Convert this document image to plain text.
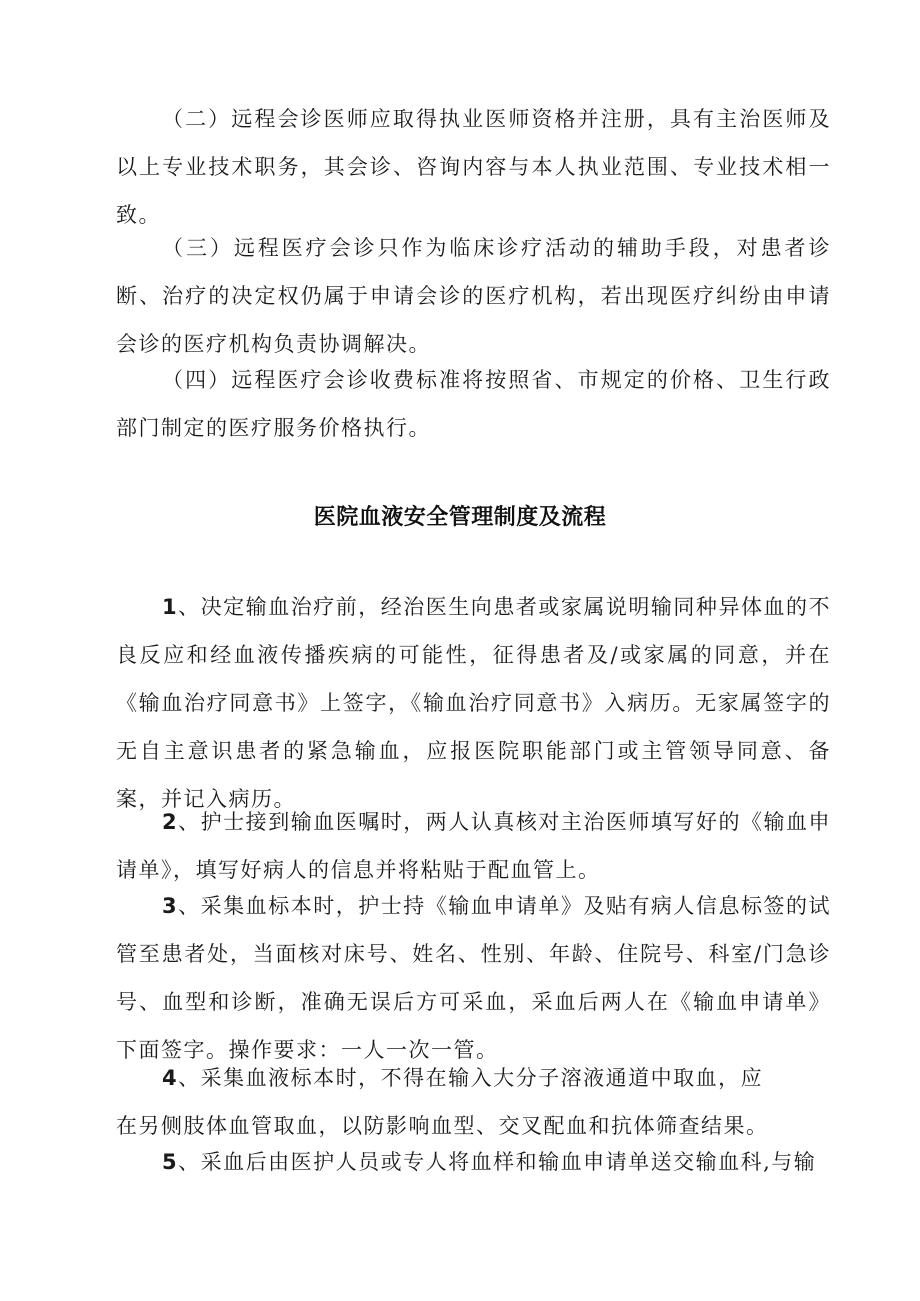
（二）远程会诊医师应取得执业医师资格并注册，具有主治医师及以上专业技术职务，其会诊、咨询内容与本人执业范围、专业技术相一致。

（三）远程医疗会诊只作为临床诊疗活动的辅助手段，对患者诊断、治疗的决定权仍属于申请会诊的医疗机构，若出现医疗纠纷由申请会诊的医疗机构负责协调解决。

（四）远程医疗会诊收费标准将按照省、市规定的价格、卫生行政部门制定的医疗服务价格执行。

医院血液安全管理制度及流程

1、决定输血治疗前，经治医生向患者或家属说明输同种异体血的不良反应和经血液传播疾病的可能性，征得患者及/或家属的同意，并在《输血治疗同意书》上签字，《输血治疗同意书》入病历。无家属签字的无自主意识患者的紧急输血，应报医院职能部门或主管领导同意、备案，并记入病历。

2、护士接到输血医嘱时，两人认真核对主治医师填写好的《输血申请单》，填写好病人的信息并将粘贴于配血管上。

3、采集血标本时，护士持《输血申请单》及贴有病人信息标签的试管至患者处，当面核对床号、姓名、性别、年龄、住院号、科室/门急诊号、血型和诊断，准确无误后方可采血，采血后两人在《输血申请单》下面签字。操作要求：一人一次一管。

4、采集血液标本时，不得在输入大分子溶液通道中取血，应
在另侧肢体血管取血，以防影响血型、交叉配血和抗体筛查结果。

5、采血后由医护人员或专人将血样和输血申请单送交输血科,与输
